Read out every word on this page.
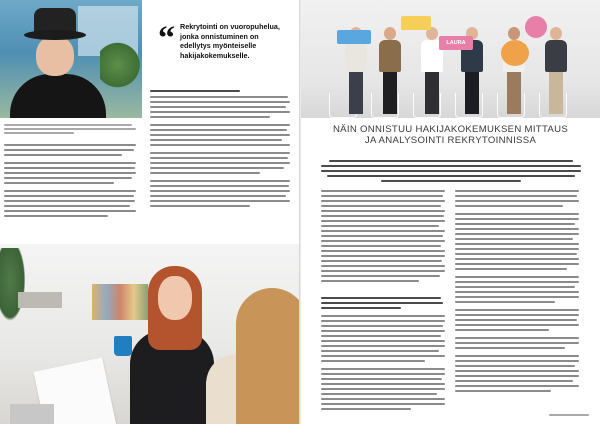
“ Rekrytointi on vuoropuhelua, jonka onnistuminen on edellytys myönteiselle hakijakokemukselle.

LAURA
NÄIN ONNISTUU HAKIJAKOKEMUKSEN MITTAUS
JA ANALYSOINTI REKRYTOINNISSA
